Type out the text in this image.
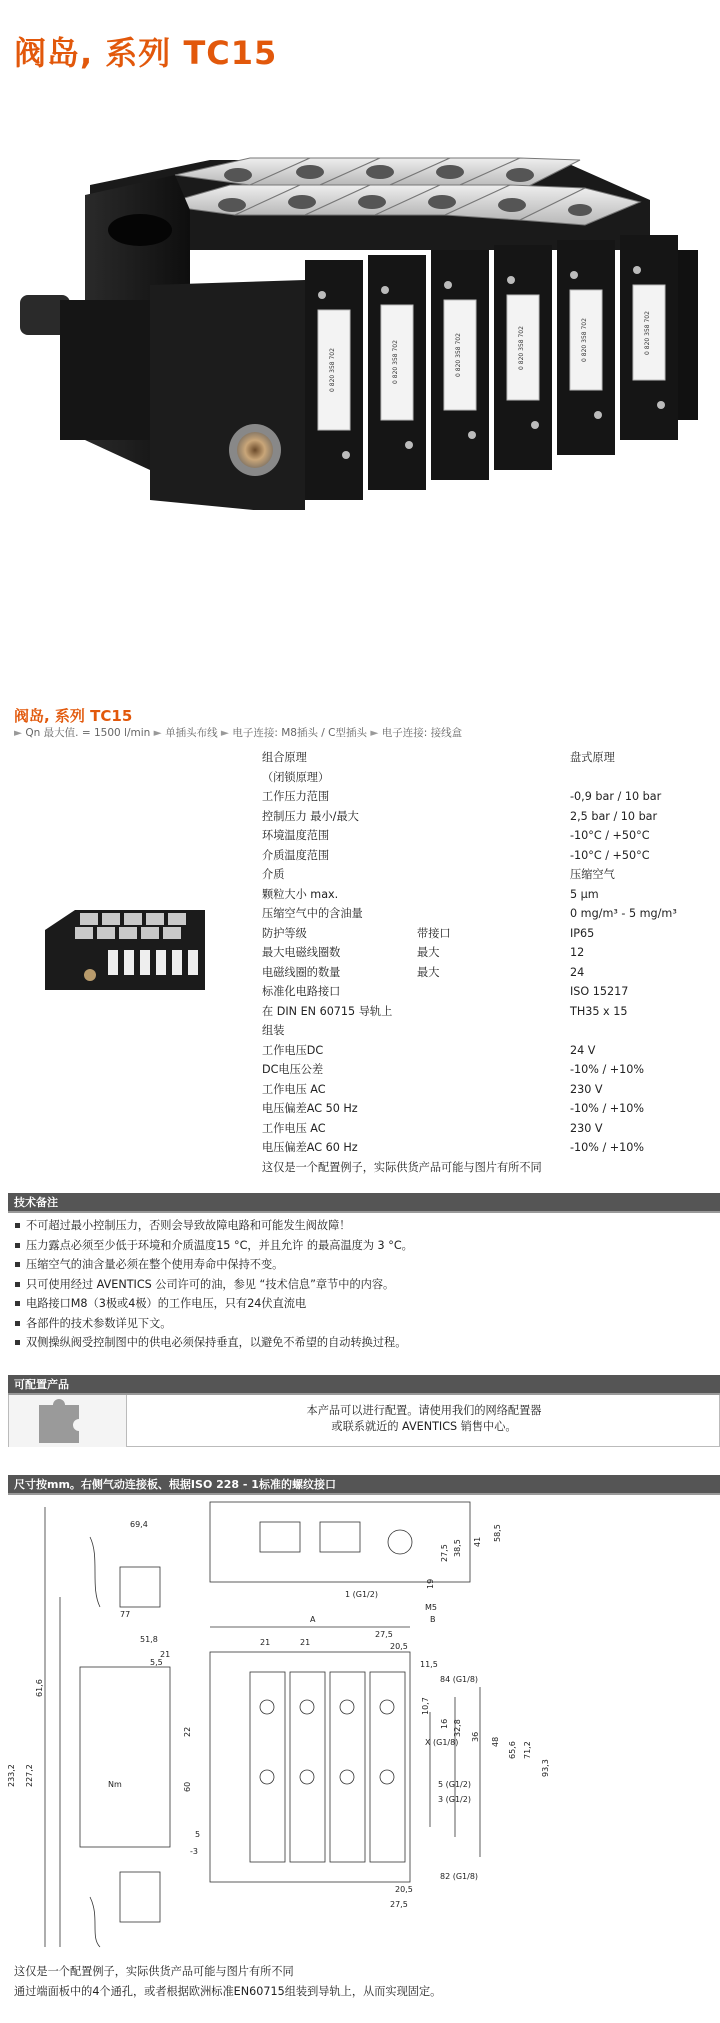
阀岛, 系列 TC15
0 820 358 702	0 820 358 702	0 820 358 702	0 820 358 702	0 820 358 702	0 820 358 702
阀岛, 系列 TC15
► Qn 最大值. = 1500 l/min ► 单插头布线 ► 电子连接: M8插头 / C型插头 ► 电子连接: 接线盒
组合原理	盘式原理
（闭锁原理）
工作压力范围	-0,9 bar / 10 bar
控制压力 最小/最大	2,5 bar / 10 bar
环境温度范围	-10°C / +50°C
介质温度范围	-10°C / +50°C
介质	压缩空气
颗粒大小 max.	5 µm
压缩空气中的含油量	0 mg/m³ - 5 mg/m³
防护等级	带接口	IP65
最大电磁线圈数	最大	12
电磁线圈的数量	最大	24
标准化电路接口	ISO 15217
在 DIN EN 60715 导轨上	TH35 x 15
组装
工作电压DC	24 V
DC电压公差	-10% / +10%
工作电压 AC	230 V
电压偏差AC 50 Hz	-10% / +10%
工作电压 AC	230 V
电压偏差AC 60 Hz	-10% / +10%
这仅是一个配置例子，实际供货产品可能与图片有所不同
技术备注
不可超过最小控制压力，否则会导致故障电路和可能发生阀故障！
压力露点必须至少低于环境和介质温度15 °C，并且允许 的最高温度为 3 °C。
压缩空气的油含量必须在整个使用寿命中保持不变。
只可使用经过 AVENTICS 公司许可的油，参见 “技术信息”章节中的内容。
电路接口M8（3极或4极）的工作电压，只有24伏直流电
各部件的技术参数详见下文。
双侧操纵阀受控制图中的供电必须保持垂直，以避免不希望的自动转换过程。
可配置产品
本产品可以进行配置。请使用我们的网络配置器
或联系就近的 AVENTICS 销售中心。
尺寸按mm。右侧气动连接板、根据ISO 228 - 1标准的螺纹接口
69,4
77
51,8
21
5,5
61,6
233,2 227,2
22
60
5
-3
Nm
19
27,5 38,5 41 58,5
1 (G1/2)
M5
A	B
21	21
27,5
20,5
11,5
84 (G1/8)
10,7
16 32,8 36 48 65,6 71,2
93,3
X (G1/8)
5 (G1/2)
3 (G1/2)
20,5
27,5
82 (G1/8)
这仅是一个配置例子，实际供货产品可能与图片有所不同
通过端面板中的4个通孔，或者根据欧洲标准EN60715组装到导轨上，从而实现固定。
